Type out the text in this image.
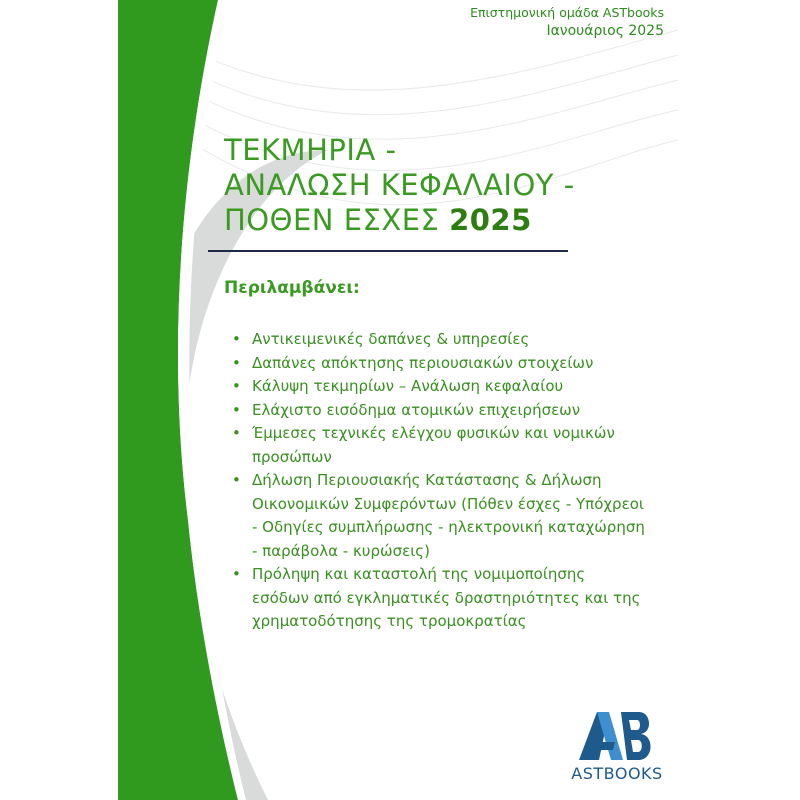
Επιστημονική ομάδα ASTbooks
Ιανουάριος 2025
ΤΕΚΜΗΡΙΑ -
ΑΝΑΛΩΣΗ ΚΕΦΑΛΑΙΟΥ -
ΠΟΘΕΝ ΕΣΧΕΣ 2025
Περιλαμβάνει:
• Αντικειμενικές δαπάνες & υπηρεσίες
• Δαπάνες απόκτησης περιουσιακών στοιχείων
• Κάλυψη τεκμηρίων – Ανάλωση κεφαλαίου
• Ελάχιστο εισόδημα ατομικών επιχειρήσεων
• Έμμεσες τεχνικές ελέγχου φυσικών και νομικών προσώπων
• Δήλωση Περιουσιακής Κατάστασης & Δήλωση Οικονομικών Συμφερόντων (Πόθεν έσχες - Υπόχρεοι - Οδηγίες συμπλήρωσης - ηλεκτρονική καταχώρηση - παράβολα - κυρώσεις)
• Πρόληψη και καταστολή της νομιμοποίησης εσόδων από εγκληματικές δραστηριότητες και της χρηματοδότησης της τρομοκρατίας
ASTBOOKS
